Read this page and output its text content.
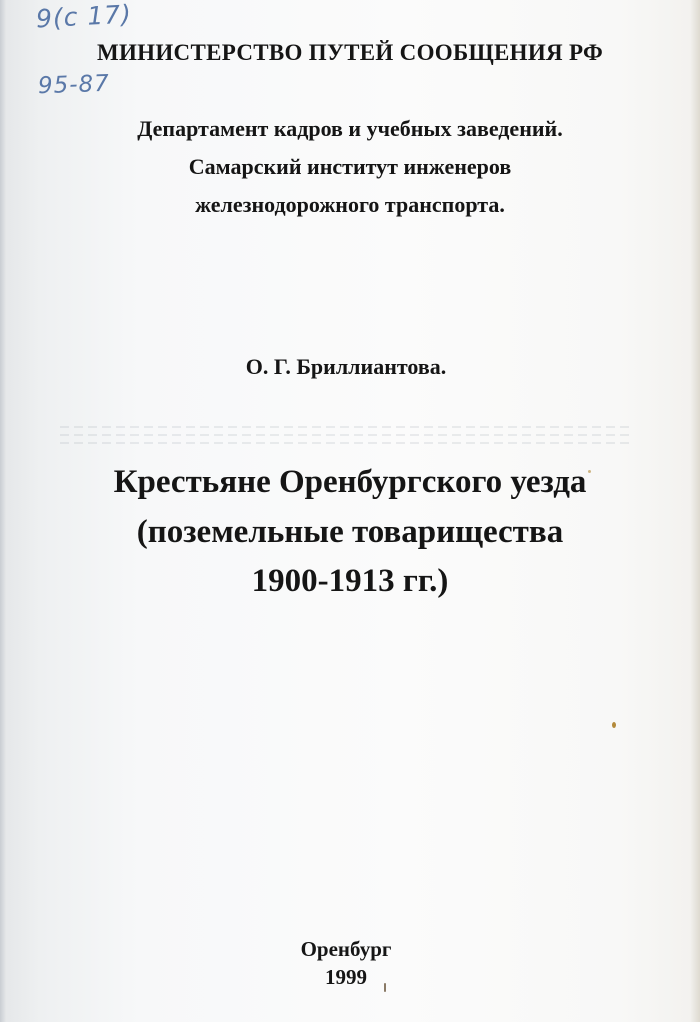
9(с 17)
95-87
МИНИСТЕРСТВО ПУТЕЙ СООБЩЕНИЯ РФ
Департамент кадров и учебных заведений.
Самарский институт инженеров
железнодорожного транспорта.
О. Г. Бриллиантова.
Крестьяне Оренбургского уезда
(поземельные товарищества
1900-1913 гг.)
Оренбург
1999
